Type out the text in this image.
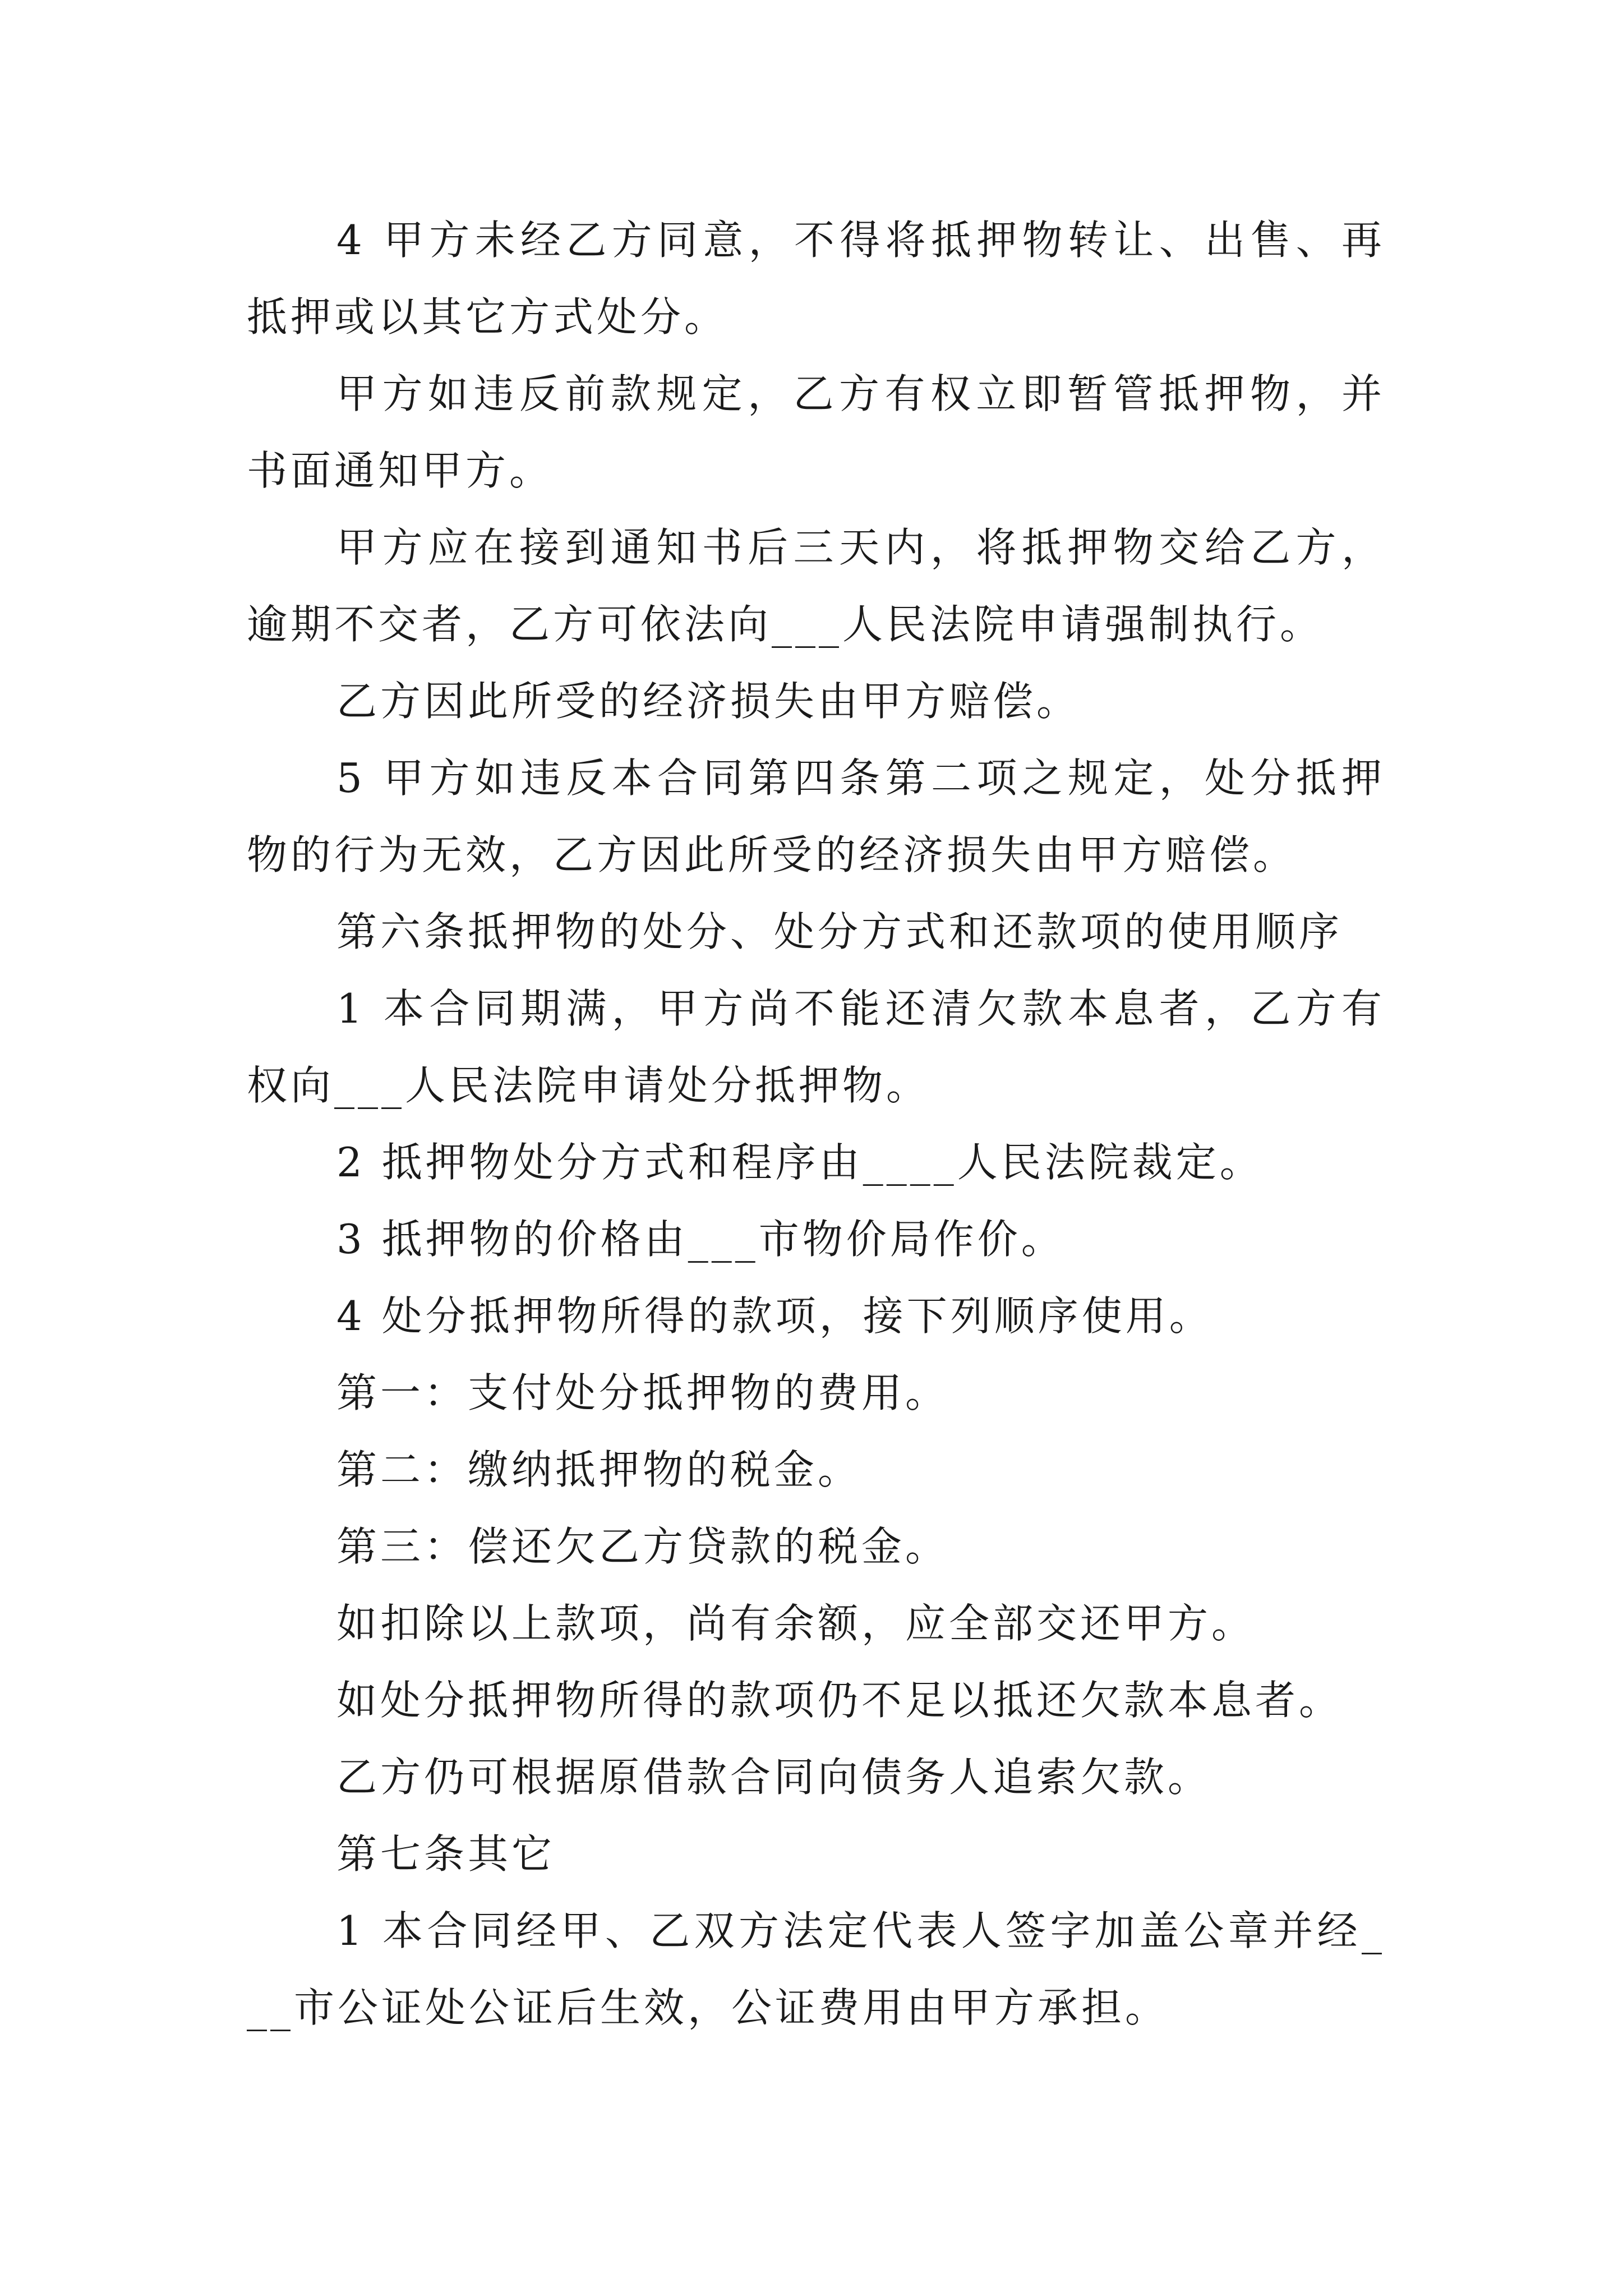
4 甲方未经乙方同意，不得将抵押物转让、出售、再抵押或以其它方式处分。

甲方如违反前款规定，乙方有权立即暂管抵押物，并书面通知甲方。

甲方应在接到通知书后三天内，将抵押物交给乙方，逾期不交者，乙方可依法向___人民法院申请强制执行。

乙方因此所受的经济损失由甲方赔偿。

5 甲方如违反本合同第四条第二项之规定，处分抵押物的行为无效，乙方因此所受的经济损失由甲方赔偿。

第六条抵押物的处分、处分方式和还款项的使用顺序

1 本合同期满，甲方尚不能还清欠款本息者，乙方有权向___人民法院申请处分抵押物。

2 抵押物处分方式和程序由____人民法院裁定。

3 抵押物的价格由___市物价局作价。

4 处分抵押物所得的款项，接下列顺序使用。

第一：支付处分抵押物的费用。

第二：缴纳抵押物的税金。

第三：偿还欠乙方贷款的税金。

如扣除以上款项，尚有余额，应全部交还甲方。

如处分抵押物所得的款项仍不足以抵还欠款本息者。

乙方仍可根据原借款合同向债务人追索欠款。

第七条其它

1 本合同经甲、乙双方法定代表人签字加盖公章并经___市公证处公证后生效，公证费用由甲方承担。
